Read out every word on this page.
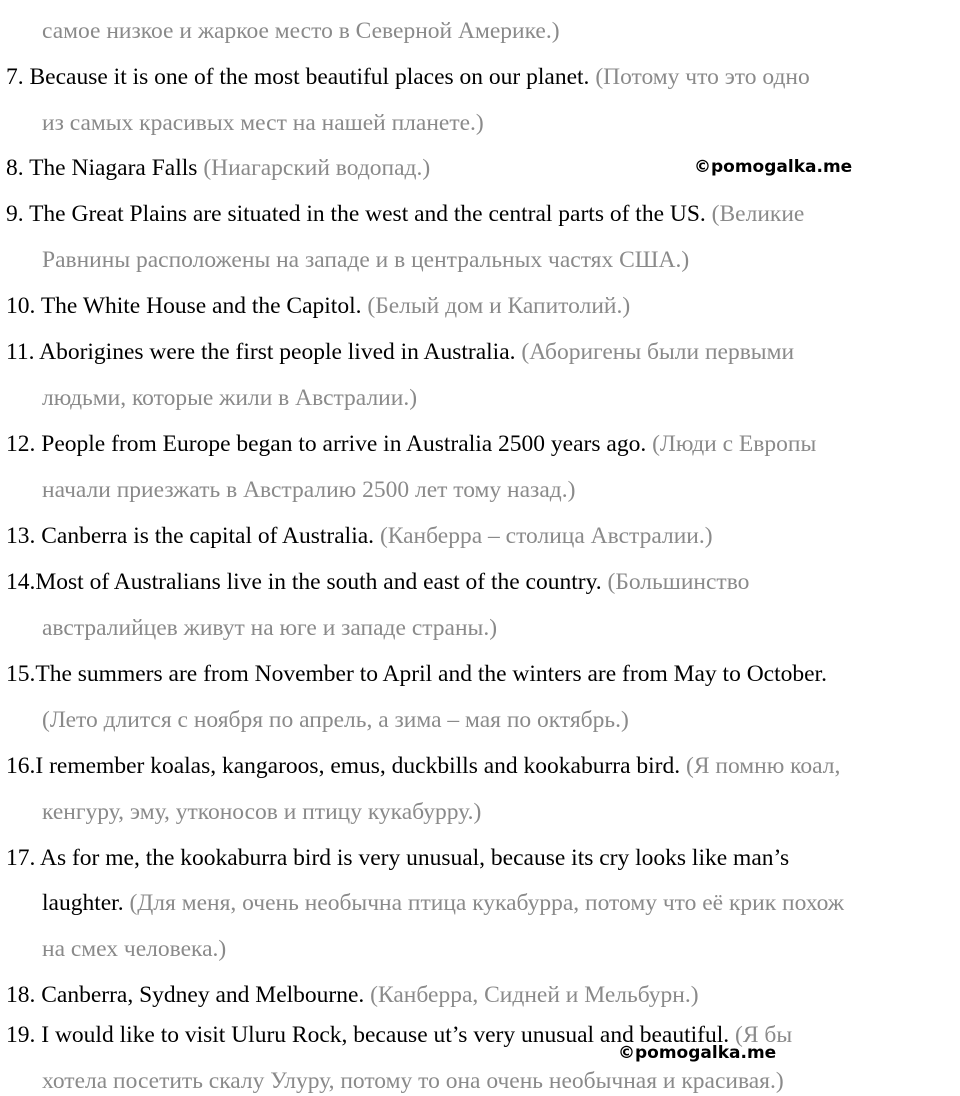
самое низкое и жаркое место в Северной Америке.)
7. Because it is one of the most beautiful places on our planet. (Потому что это одно
из самых красивых мест на нашей планете.)
8. The Niagara Falls (Ниагарский водопад.)	©pomogalka.me
9. The Great Plains are situated in the west and the central parts of the US. (Великие
Равнины расположены на западе и в центральных частях США.)
10. The White House and the Capitol. (Белый дом и Капитолий.)
11. Aborigines were the first people lived in Australia. (Аборигены были первыми
людьми, которые жили в Австралии.)
12. People from Europe began to arrive in Australia 2500 years ago. (Люди с Европы
начали приезжать в Австралию 2500 лет тому назад.)
13. Canberra is the capital of Australia. (Канберра – столица Австралии.)
14.Most of Australians live in the south and east of the country. (Большинство
австралийцев живут на юге и западе страны.)
15.The summers are from November to April and the winters are from May to October.
(Лето длится с ноября по апрель, а зима – мая по октябрь.)
16.I remember koalas, kangaroos, emus, duckbills and kookaburra bird. (Я помню коал,
кенгуру, эму, утконосов и птицу кукабурру.)
17. As for me, the kookaburra bird is very unusual, because its cry looks like man’s
laughter. (Для меня, очень необычна птица кукабурра, потому что её крик похож
на смех человека.)
18. Canberra, Sydney and Melbourne. (Канберра, Сидней и Мельбурн.)
19. I would like to visit Uluru Rock, because ut’s very unusual and beautiful. (Я бы
©pomogalka.me
хотела посетить скалу Улуру, потому то она очень необычная и красивая.)
